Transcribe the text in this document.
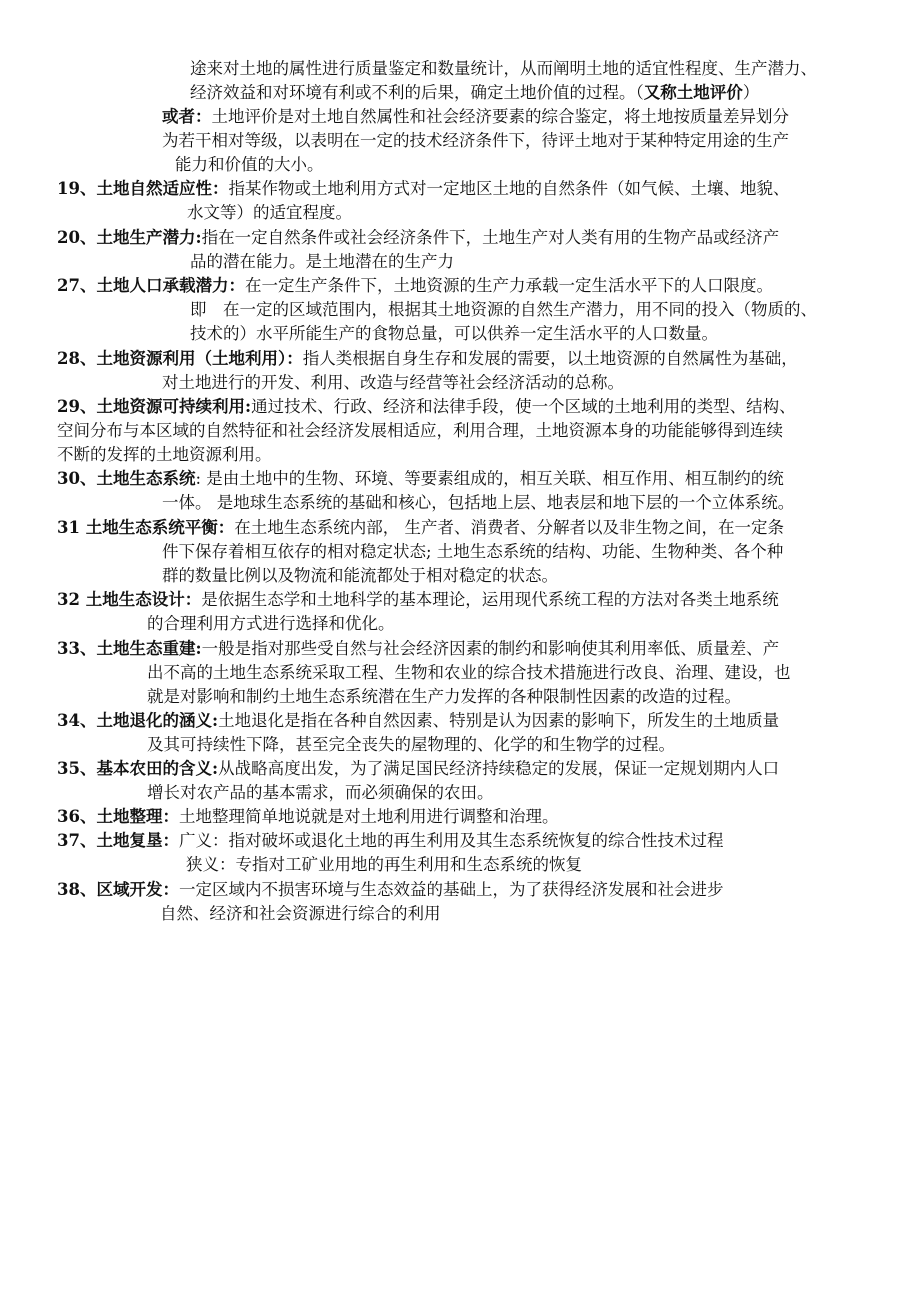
途来对土地的属性进行质量鉴定和数量统计，从而阐明土地的适宜性程度、生产潜力、
经济效益和对环境有利或不利的后果，确定土地价值的过程。（又称土地评价）
或者：土地评价是对土地自然属性和社会经济要素的综合鉴定，将土地按质量差异划分
为若干相对等级，以表明在一定的技术经济条件下，待评土地对于某种特定用途的生产
能力和价值的大小。
19、土地自然适应性：指某作物或土地利用方式对一定地区土地的自然条件（如气候、土壤、地貌、
水文等）的适宜程度。
20、土地生产潜力:指在一定自然条件或社会经济条件下，土地生产对人类有用的生物产品或经济产
品的潜在能力。是土地潜在的生产力
27、土地人口承载潜力：在一定生产条件下，土地资源的生产力承载一定生活水平下的人口限度。
即　在一定的区域范围内，根据其土地资源的自然生产潜力，用不同的投入（物质的、
技术的）水平所能生产的食物总量，可以供养一定生活水平的人口数量。
28、土地资源利用（土地利用）：指人类根据自身生存和发展的需要，以土地资源的自然属性为基础，
对土地进行的开发、利用、改造与经营等社会经济活动的总称。
29、土地资源可持续利用:通过技术、行政、经济和法律手段，使一个区域的土地利用的类型、结构、
空间分布与本区域的自然特征和社会经济发展相适应，利用合理，土地资源本身的功能能够得到连续
不断的发挥的土地资源利用。
30、土地生态系统: 是由土地中的生物、环境、等要素组成的，相互关联、相互作用、相互制约的统
一体。 是地球生态系统的基础和核心，包括地上层、地表层和地下层的一个立体系统。
31 土地生态系统平衡：在土地生态系统内部， 生产者、消费者、分解者以及非生物之间，在一定条
件下保存着相互依存的相对稳定状态; 土地生态系统的结构、功能、生物种类、各个种
群的数量比例以及物流和能流都处于相对稳定的状态。
32 土地生态设计：是依据生态学和土地科学的基本理论，运用现代系统工程的方法对各类土地系统
的合理利用方式进行选择和优化。
33、土地生态重建:一般是指对那些受自然与社会经济因素的制约和影响使其利用率低、质量差、产
出不高的土地生态系统采取工程、生物和农业的综合技术措施进行改良、治理、建设，也
就是对影响和制约土地生态系统潜在生产力发挥的各种限制性因素的改造的过程。
34、土地退化的涵义:土地退化是指在各种自然因素、特别是认为因素的影响下，所发生的土地质量
及其可持续性下降，甚至完全丧失的屋物理的、化学的和生物学的过程。
35、基本农田的含义:从战略高度出发，为了满足国民经济持续稳定的发展，保证一定规划期内人口
增长对农产品的基本需求，而必须确保的农田。
36、土地整理：土地整理简单地说就是对土地利用进行调整和治理。
37、土地复垦：广义：指对破坏或退化土地的再生利用及其生态系统恢复的综合性技术过程
狭义：专指对工矿业用地的再生利用和生态系统的恢复
38、区域开发：一定区域内不损害环境与生态效益的基础上，为了获得经济发展和社会进步
自然、经济和社会资源进行综合的利用
